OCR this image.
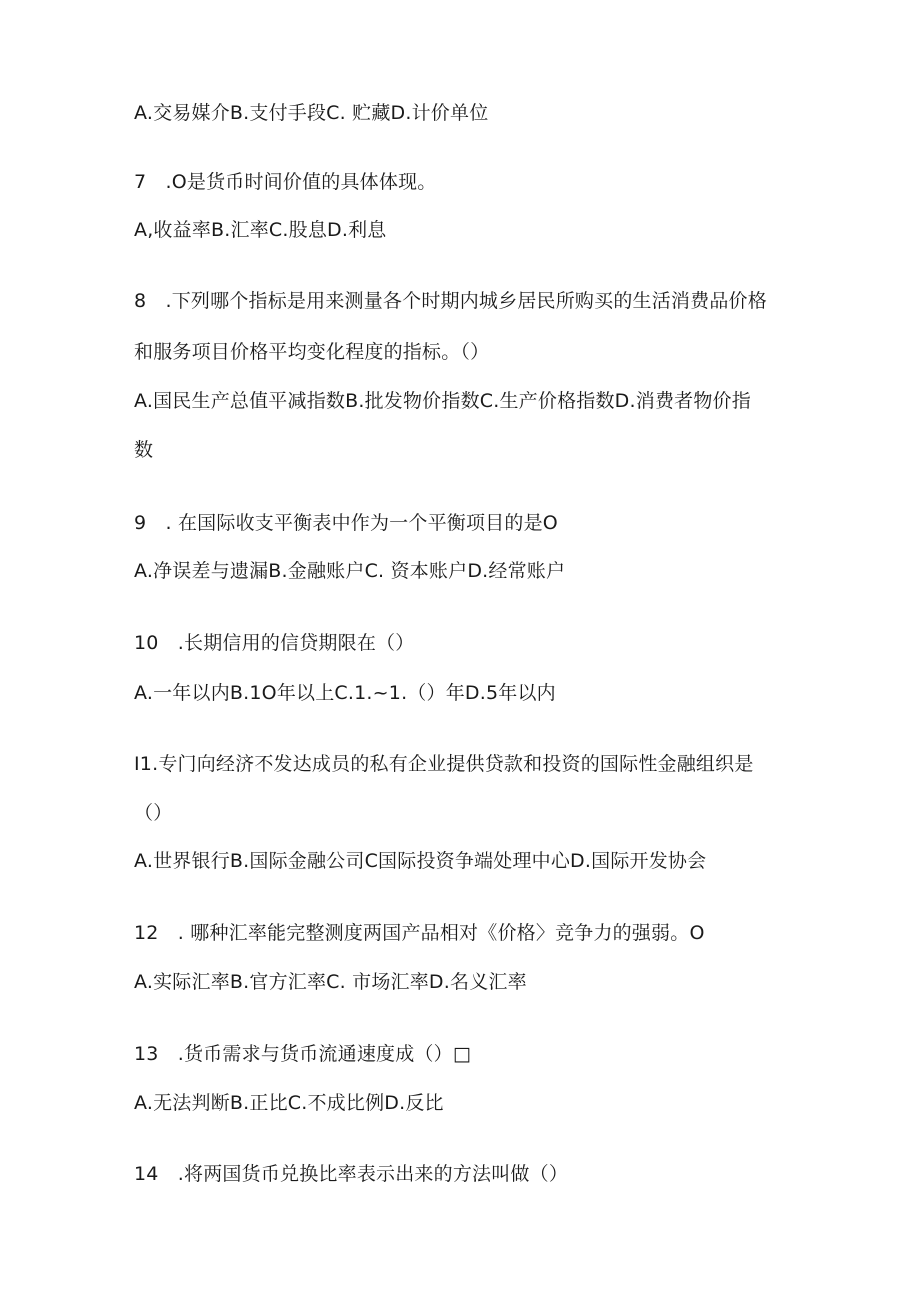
A.交易媒介B.支付手段C. 贮藏D.计价单位
7　.O是货币时间价值的具体体现。
A,收益率B.汇率C.股息D.利息
8　.下列哪个指标是用来测量各个时期内城乡居民所购买的生活消费品价格
和服务项目价格平均变化程度的指标。（）
A.国民生产总值平减指数B.批发物价指数C.生产价格指数D.消费者物价指
数
9　. 在国际收支平衡表中作为一个平衡项目的是O
A.净误差与遗漏B.金融账户C. 资本账户D.经常账户
10　.长期信用的信贷期限在（）
A.一年以内B.1O年以上C.1.~1.（）年D.5年以内
I1.专门向经济不发达成员的私有企业提供贷款和投资的国际性金融组织是
（）
A.世界银行B.国际金融公司C国际投资争端处理中心D.国际开发协会
12　. 哪种汇率能完整测度两国产品相对《价格〉竞争力的强弱。O
A.实际汇率B.官方汇率C. 市场汇率D.名义汇率
13　.货币需求与货币流通速度成（）□
A.无法判断B.正比C.不成比例D.反比
14　.将两国货币兑换比率表示出来的方法叫做（）
